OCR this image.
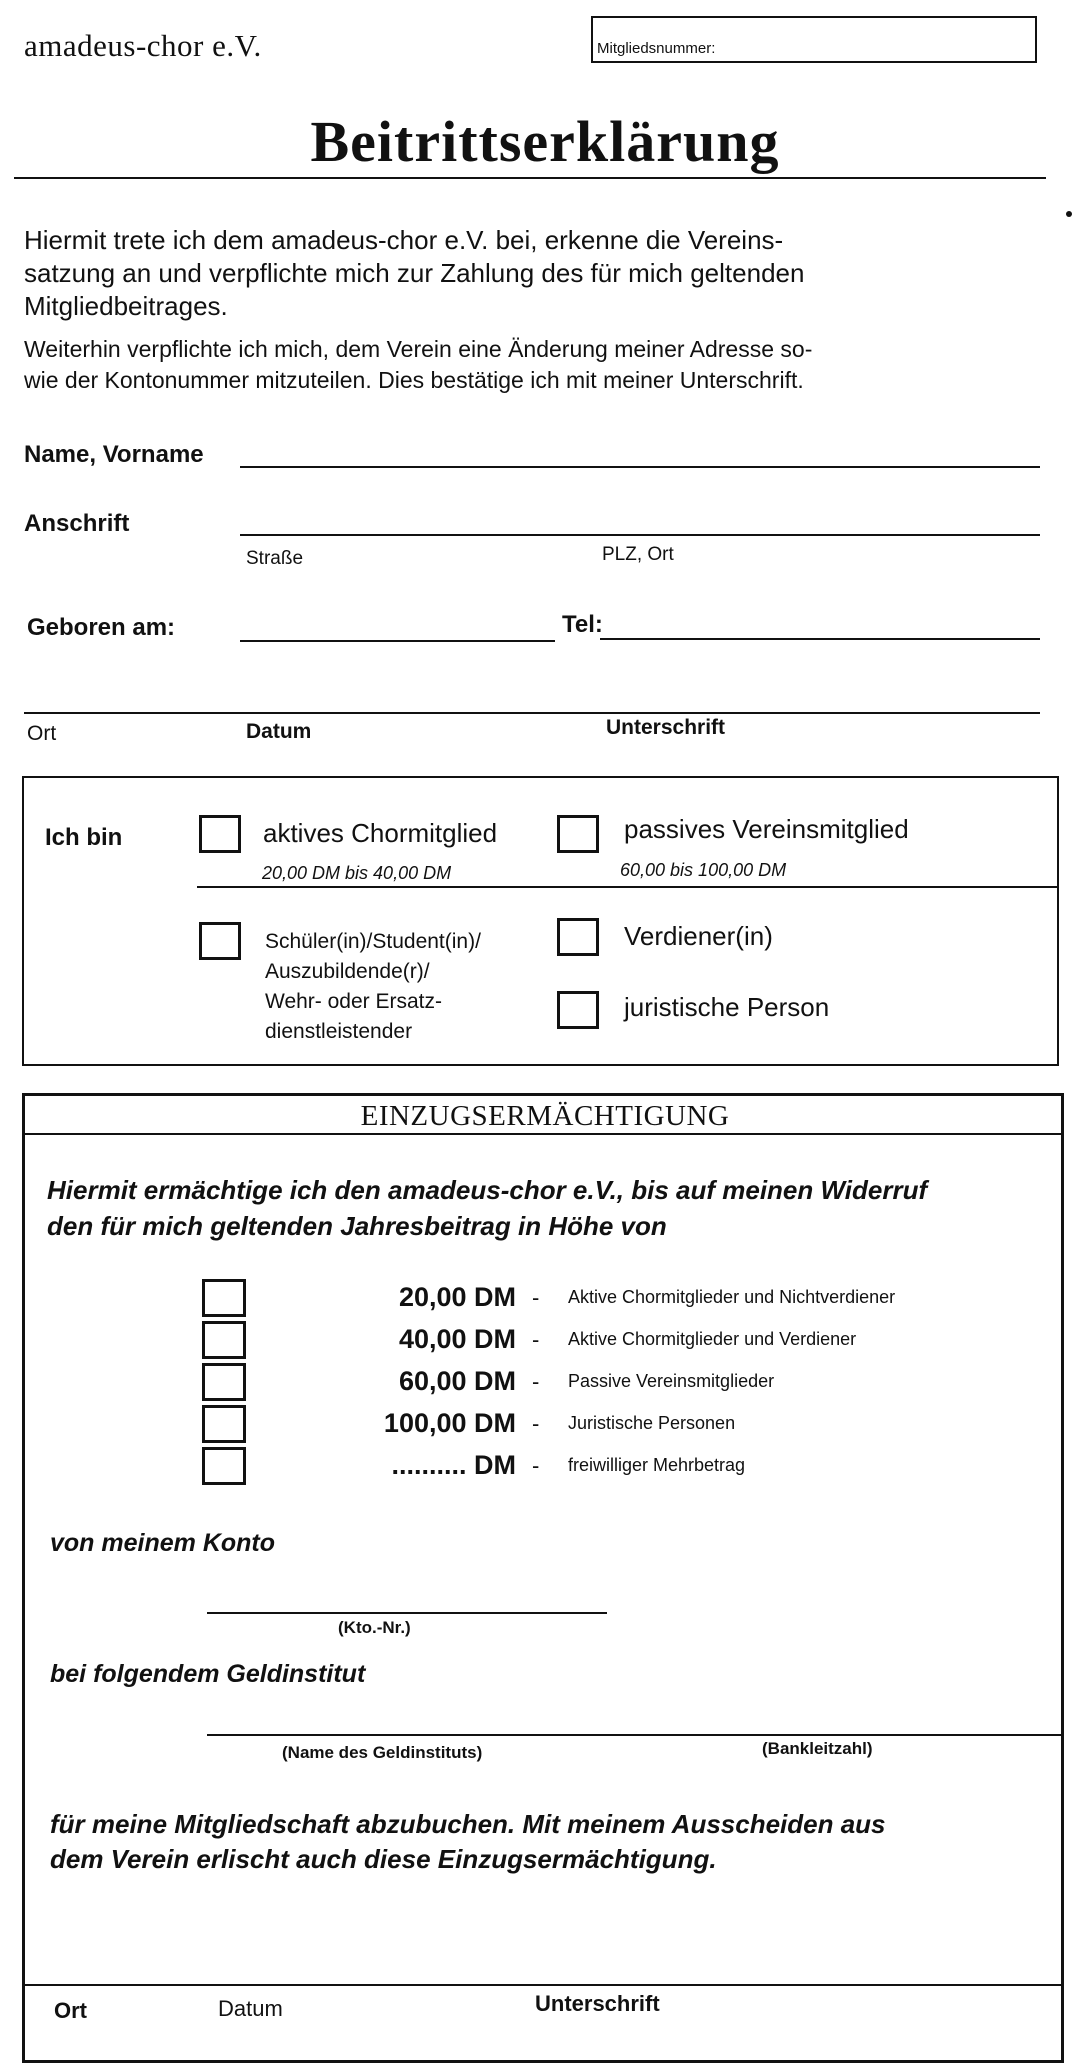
amadeus-chor e.V.	Mitgliedsnummer:
Beitrittserklärung
Hiermit trete ich dem amadeus-chor e.V. bei, erkenne die Vereins-
satzung an und verpflichte mich zur Zahlung des für mich geltenden
Mitgliedbeitrages.
Weiterhin verpflichte ich mich, dem Verein eine Änderung meiner Adresse so-
wie der Kontonummer mitzuteilen. Dies bestätige ich mit meiner Unterschrift.
Name, Vorname
Anschrift
Straße	PLZ, Ort
Geboren am:	Tel:
Ort	Datum	Unterschrift
Ich bin	aktives Chormitglied
20,00 DM bis 40,00 DM
passives Vereinsmitglied
60,00 bis 100,00 DM
Schüler(in)/Student(in)/
Auszubildende(r)/
Wehr- oder Ersatz-
dienstleistender
Verdiener(in)
juristische Person
EINZUGSERMÄCHTIGUNG
Hiermit ermächtige ich den amadeus-chor e.V., bis auf meinen Widerruf
den für mich geltenden Jahresbeitrag in Höhe von
20,00 DM - Aktive Chormitglieder und Nichtverdiener
40,00 DM - Aktive Chormitglieder und Verdiener
60,00 DM - Passive Vereinsmitglieder
100,00 DM - Juristische Personen
.......... DM - freiwilliger Mehrbetrag
von meinem Konto
(Kto.-Nr.)
bei folgendem Geldinstitut
(Name des Geldinstituts)	(Bankleitzahl)
für meine Mitgliedschaft abzubuchen. Mit meinem Ausscheiden aus
dem Verein erlischt auch diese Einzugsermächtigung.
Ort	Datum	Unterschrift
